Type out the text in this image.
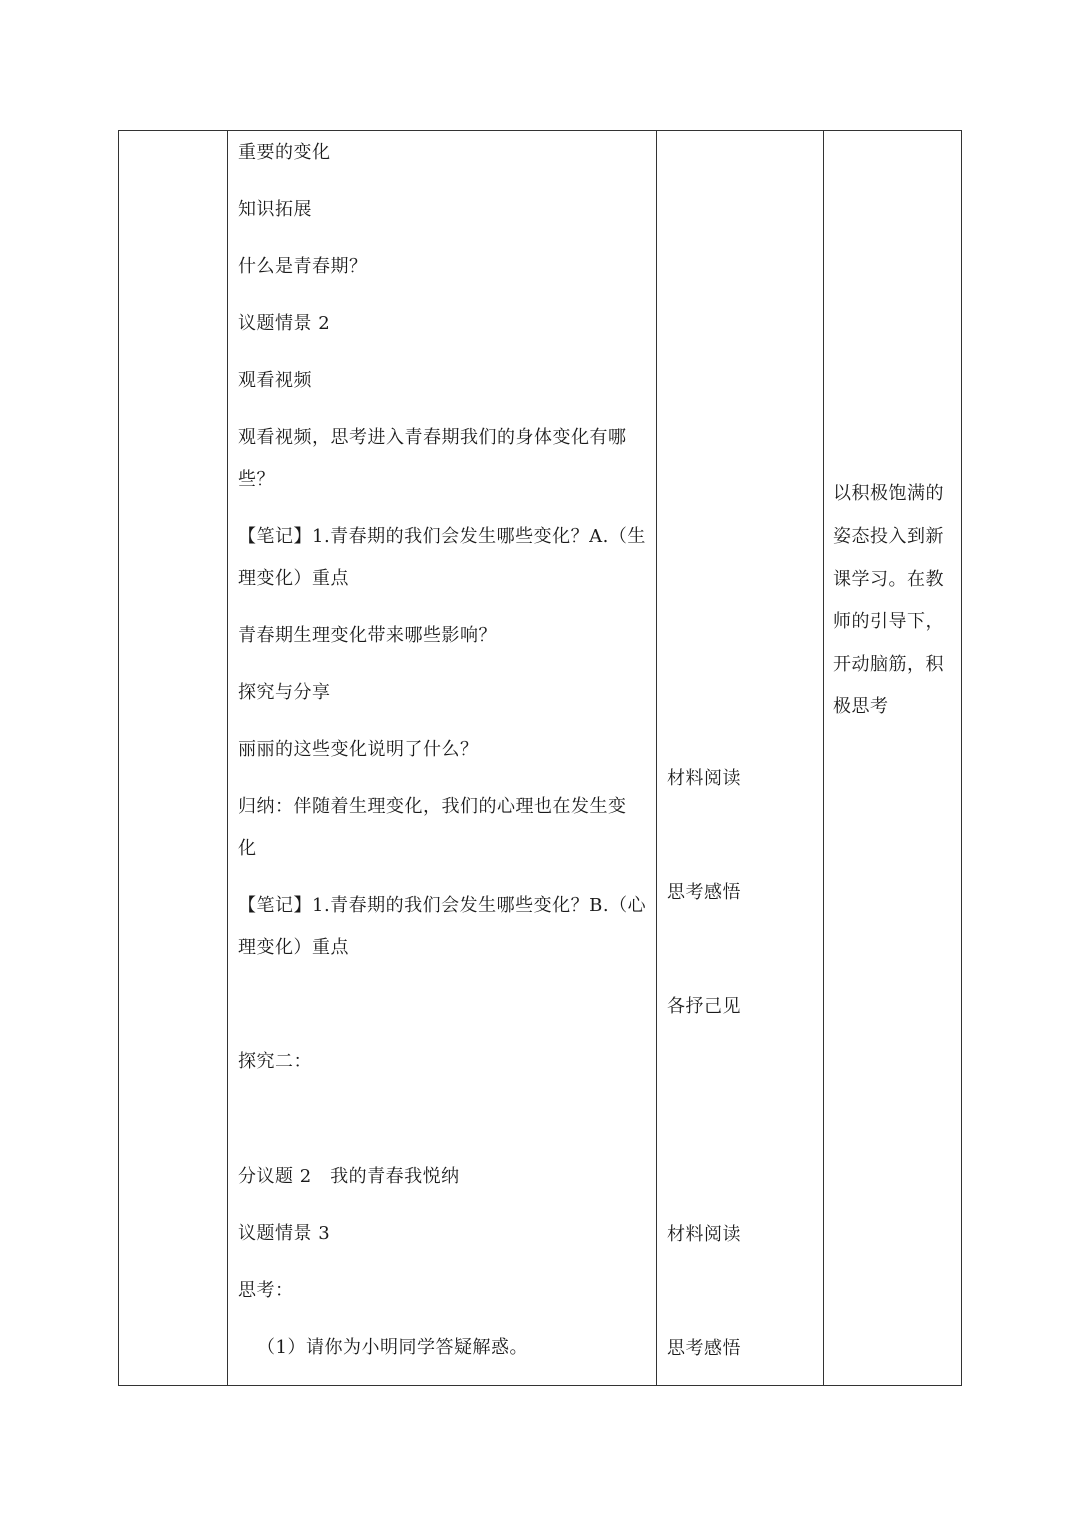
重要的变化
知识拓展
什么是青春期？
议题情景 2
观看视频
观看视频，思考进入青春期我们的身体变化有哪
些？
【笔记】1.青春期的我们会发生哪些变化？A.（生
理变化）重点
青春期生理变化带来哪些影响？
探究与分享
丽丽的这些变化说明了什么？
归纳：伴随着生理变化，我们的心理也在发生变
化
【笔记】1.青春期的我们会发生哪些变化？B.（心
理变化）重点
探究二：
分议题 2　我的青春我悦纳
议题情景 3
思考：
（1）请你为小明同学答疑解惑。
材料阅读
思考感悟
各抒己见
材料阅读
思考感悟
以积极饱满的
姿态投入到新
课学习。在教
师的引导下，
开动脑筋，积
极思考
